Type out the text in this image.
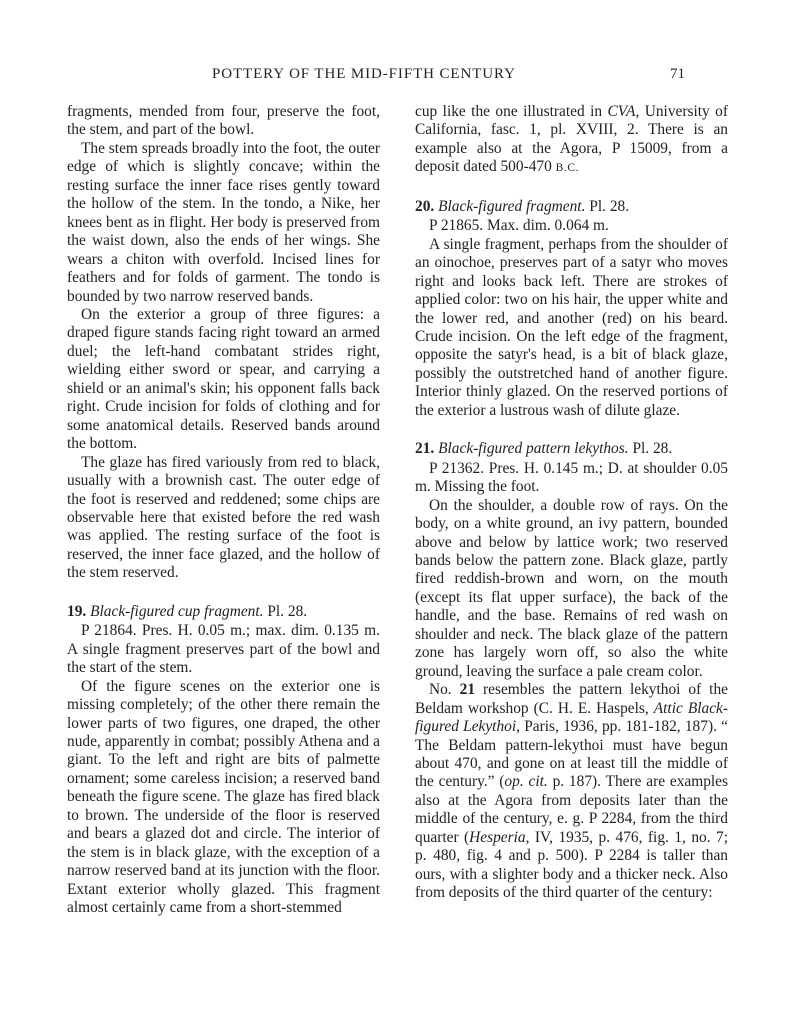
POTTERY OF THE MID-FIFTH CENTURY	71

fragments, mended from four, preserve the foot, the stem, and part of the bowl.

The stem spreads broadly into the foot, the outer edge of which is slightly concave; within the resting surface the inner face rises gently toward the hollow of the stem. In the tondo, a Nike, her knees bent as in flight. Her body is preserved from the waist down, also the ends of her wings. She wears a chiton with overfold. Incised lines for feathers and for folds of garment. The tondo is bounded by two narrow reserved bands.

On the exterior a group of three figures: a draped figure stands facing right toward an armed duel; the left-hand combatant strides right, wielding either sword or spear, and carrying a shield or an animal's skin; his opponent falls back right. Crude incision for folds of clothing and for some anatomical details. Reserved bands around the bottom.

The glaze has fired variously from red to black, usually with a brownish cast. The outer edge of the foot is reserved and reddened; some chips are observable here that existed before the red wash was applied. The resting surface of the foot is reserved, the inner face glazed, and the hollow of the stem reserved.

19. Black-figured cup fragment. Pl. 28.

P 21864. Pres. H. 0.05 m.; max. dim. 0.135 m. A single fragment preserves part of the bowl and the start of the stem.

Of the figure scenes on the exterior one is missing completely; of the other there remain the lower parts of two figures, one draped, the other nude, apparently in combat; possibly Athena and a giant. To the left and right are bits of palmette ornament; some careless incision; a reserved band beneath the figure scene. The glaze has fired black to brown. The underside of the floor is reserved and bears a glazed dot and circle. The interior of the stem is in black glaze, with the exception of a narrow reserved band at its junction with the floor. Extant exterior wholly glazed. This fragment almost certainly came from a short-stemmed

cup like the one illustrated in CVA, University of California, fasc. 1, pl. XVIII, 2. There is an example also at the Agora, P 15009, from a deposit dated 500-470 B.C.

20. Black-figured fragment. Pl. 28.

P 21865. Max. dim. 0.064 m.

A single fragment, perhaps from the shoulder of an oinochoe, preserves part of a satyr who moves right and looks back left. There are strokes of applied color: two on his hair, the upper white and the lower red, and another (red) on his beard. Crude incision. On the left edge of the fragment, opposite the satyr's head, is a bit of black glaze, possibly the outstretched hand of another figure. Interior thinly glazed. On the reserved portions of the exterior a lustrous wash of dilute glaze.

21. Black-figured pattern lekythos. Pl. 28.

P 21362. Pres. H. 0.145 m.; D. at shoulder 0.05 m. Missing the foot.

On the shoulder, a double row of rays. On the body, on a white ground, an ivy pattern, bounded above and below by lattice work; two reserved bands below the pattern zone. Black glaze, partly fired reddish-brown and worn, on the mouth (except its flat upper surface), the back of the handle, and the base. Remains of red wash on shoulder and neck. The black glaze of the pattern zone has largely worn off, so also the white ground, leaving the surface a pale cream color.

No. 21 resembles the pattern lekythoi of the Beldam workshop (C. H. E. Haspels, Attic Black-figured Lekythoi, Paris, 1936, pp. 181-182, 187). “ The Beldam pattern-lekythoi must have begun about 470, and gone on at least till the middle of the century.” (op. cit. p. 187). There are examples also at the Agora from deposits later than the middle of the century, e. g. P 2284, from the third quarter (Hesperia, IV, 1935, p. 476, fig. 1, no. 7; p. 480, fig. 4 and p. 500). P 2284 is taller than ours, with a slighter body and a thicker neck. Also from deposits of the third quarter of the century:
